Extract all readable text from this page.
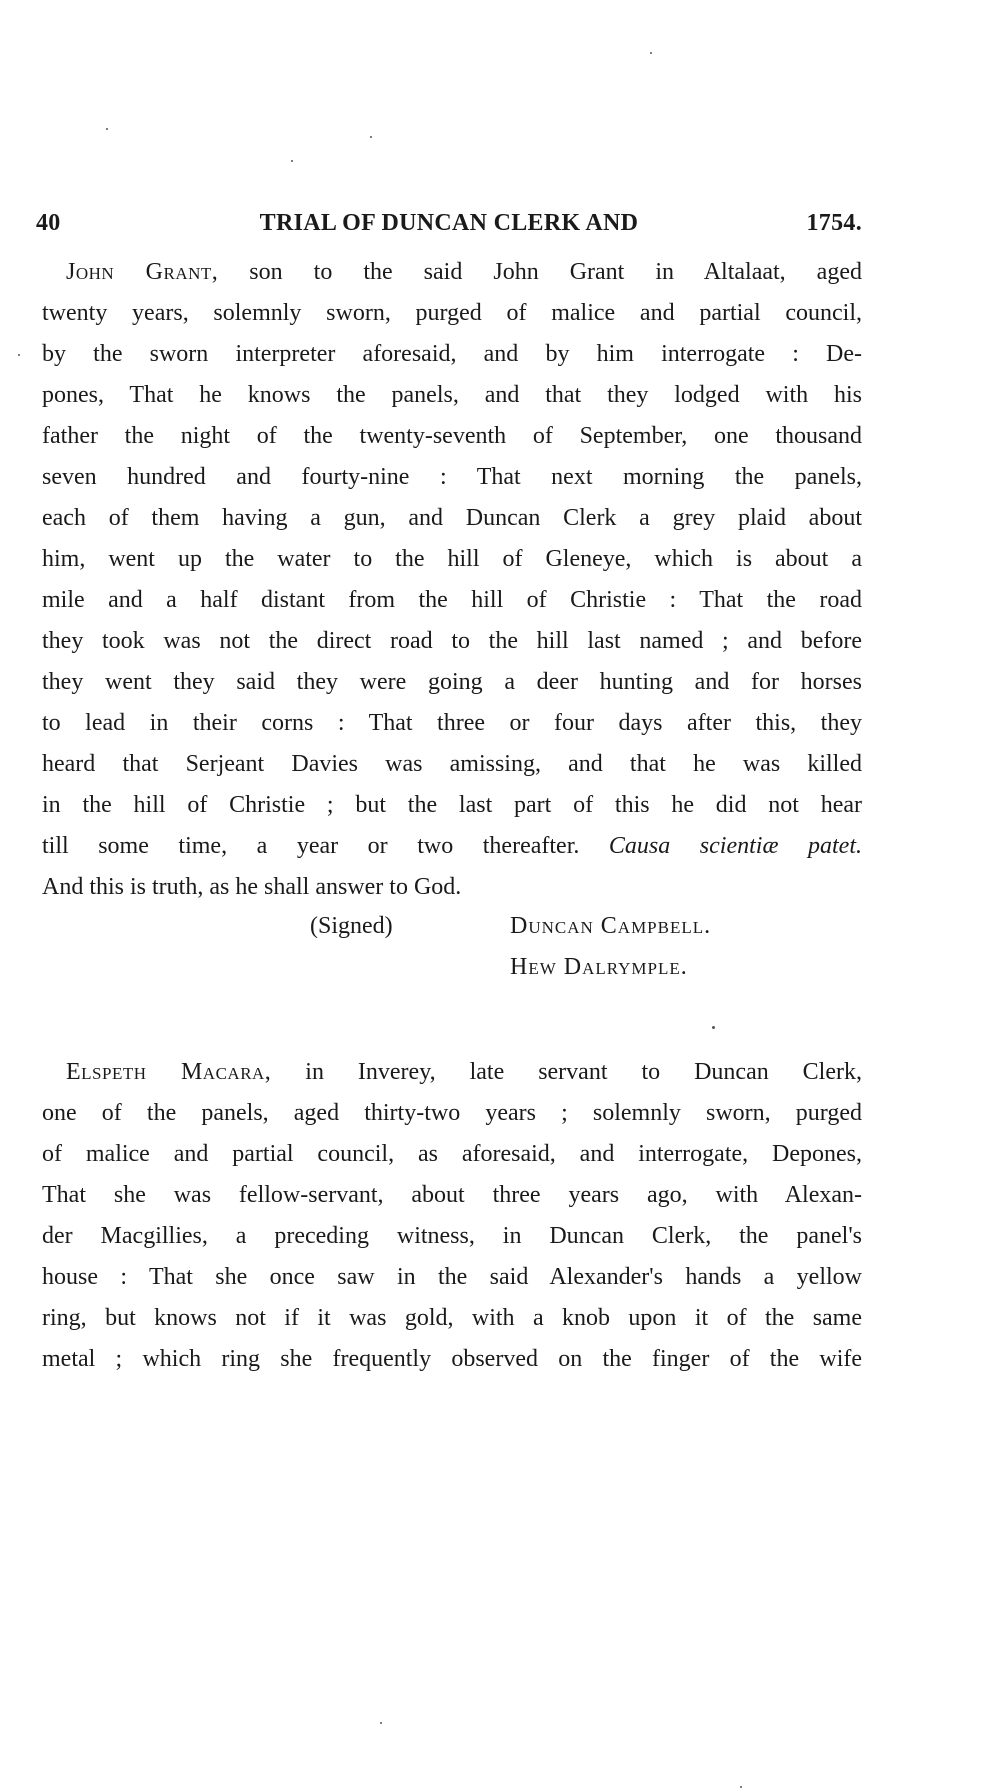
40	TRIAL OF DUNCAN CLERK AND	1754.
John Grant, son to the said John Grant in Altalaat, aged
twenty years, solemnly sworn, purged of malice and partial council,
by the sworn interpreter aforesaid, and by him interrogate : De-
pones, That he knows the panels, and that they lodged with his
father the night of the twenty-seventh of September, one thousand
seven hundred and fourty-nine : That next morning the panels,
each of them having a gun, and Duncan Clerk a grey plaid about
him, went up the water to the hill of Gleneye, which is about a
mile and a half distant from the hill of Christie : That the road
they took was not the direct road to the hill last named ; and before
they went they said they were going a deer hunting and for horses
to lead in their corns : That three or four days after this, they
heard that Serjeant Davies was amissing, and that he was killed
in the hill of Christie ; but the last part of this he did not hear
till some time, a year or two thereafter. Causa scientiæ patet.
And this is truth, as he shall answer to God.
(Signed)	Duncan Campbell.
Hew Dalrymple.
Elspeth Macara, in Inverey, late servant to Duncan Clerk,
one of the panels, aged thirty-two years ; solemnly sworn, purged
of malice and partial council, as aforesaid, and interrogate, Depones,
That she was fellow-servant, about three years ago, with Alexan-
der Macgillies, a preceding witness, in Duncan Clerk, the panel's
house : That she once saw in the said Alexander's hands a yellow
ring, but knows not if it was gold, with a knob upon it of the same
metal ; which ring she frequently observed on the finger of the wife
